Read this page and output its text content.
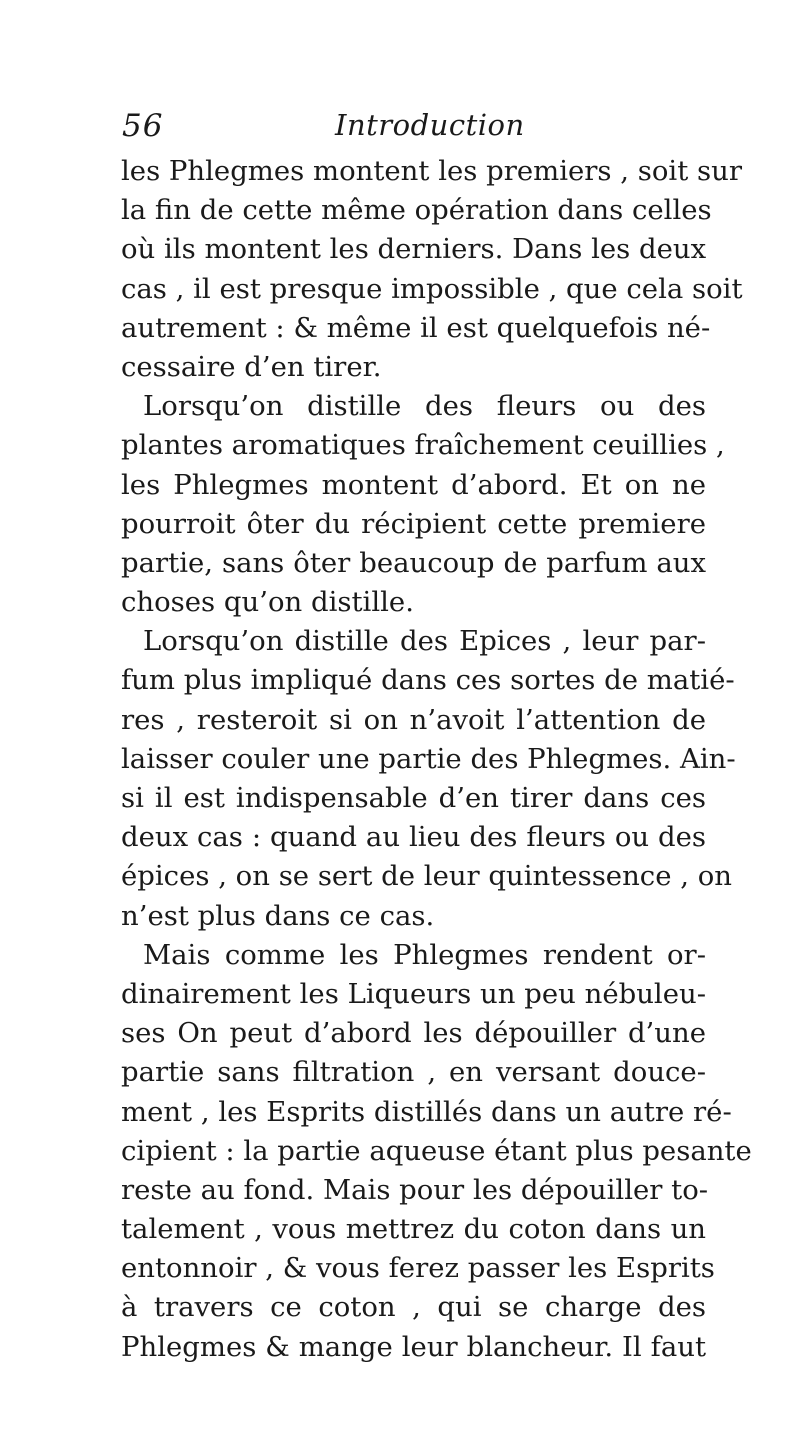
56	Introduction
les Phlegmes montent les premiers , soit sur
la fin de cette même opération dans celles
où ils montent les derniers. Dans les deux
cas , il est presque impossible , que cela soit
autrement : & même il est quelquefois né-
cessaire d’en tirer.
Lorsqu’on distille des fleurs ou des
plantes aromatiques fraîchement ceuillies ,
les Phlegmes montent d’abord. Et on ne
pourroit ôter du récipient cette premiere
partie, sans ôter beaucoup de parfum aux
choses qu’on distille.
Lorsqu’on distille des Epices , leur par-
fum plus impliqué dans ces sortes de matié-
res , resteroit si on n’avoit l’attention de
laisser couler une partie des Phlegmes. Ain-
si il est indispensable d’en tirer dans ces
deux cas : quand au lieu des fleurs ou des
épices , on se sert de leur quintessence , on
n’est plus dans ce cas.
Mais comme les Phlegmes rendent or-
dinairement les Liqueurs un peu nébuleu-
ses On peut d’abord les dépouiller d’une
partie sans filtration , en versant douce-
ment , les Esprits distillés dans un autre ré-
cipient : la partie aqueuse étant plus pesante
reste au fond. Mais pour les dépouiller to-
talement , vous mettrez du coton dans un
entonnoir , & vous ferez passer les Esprits
à travers ce coton , qui se charge des
Phlegmes & mange leur blancheur. Il faut
